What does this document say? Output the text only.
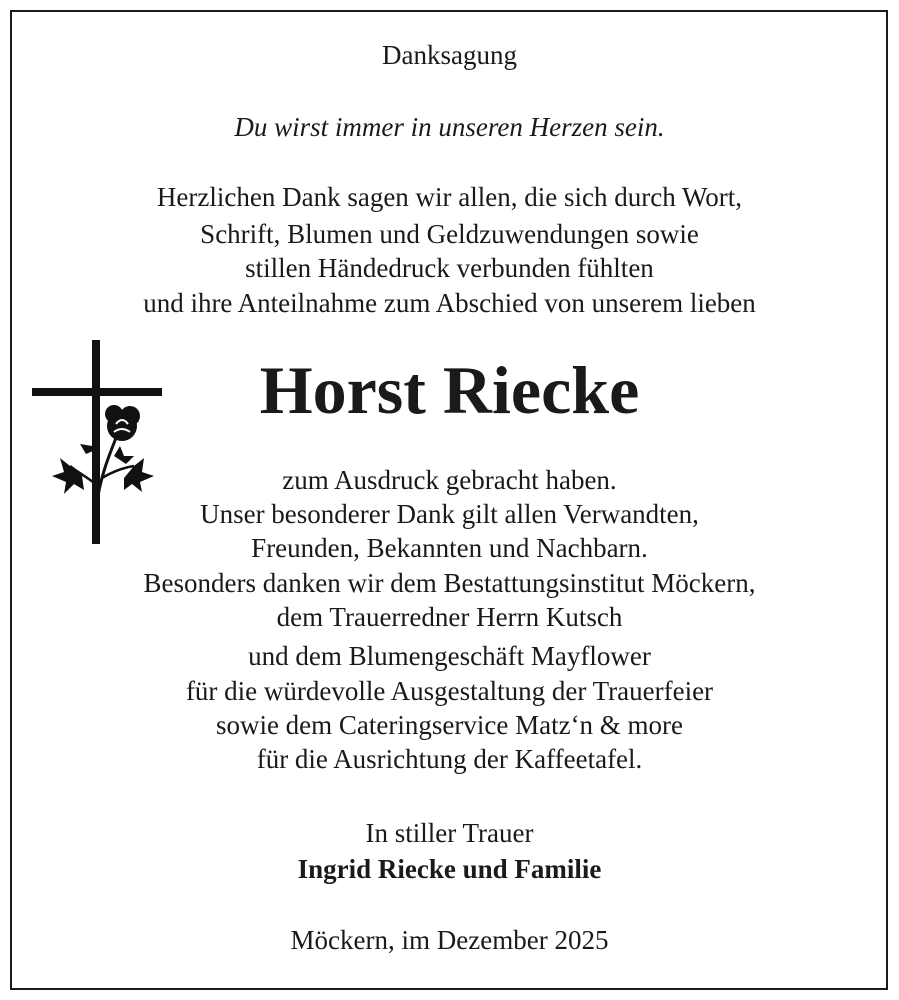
Danksagung
Du wirst immer in unseren Herzen sein.
Herzlichen Dank sagen wir allen, die sich durch Wort,
Schrift, Blumen und Geldzuwendungen sowie
stillen Händedruck verbunden fühlten
und ihre Anteilnahme zum Abschied von unserem lieben
Horst Riecke
zum Ausdruck gebracht haben.
Unser besonderer Dank gilt allen Verwandten,
Freunden, Bekannten und Nachbarn.
Besonders danken wir dem Bestattungsinstitut Möckern,
dem Trauerredner Herrn Kutsch
und dem Blumengeschäft Mayflower
für die würdevolle Ausgestaltung der Trauerfeier
sowie dem Cateringservice Matz‘n & more
für die Ausrichtung der Kaffeetafel.
In stiller Trauer
Ingrid Riecke und Familie
Möckern, im Dezember 2025
